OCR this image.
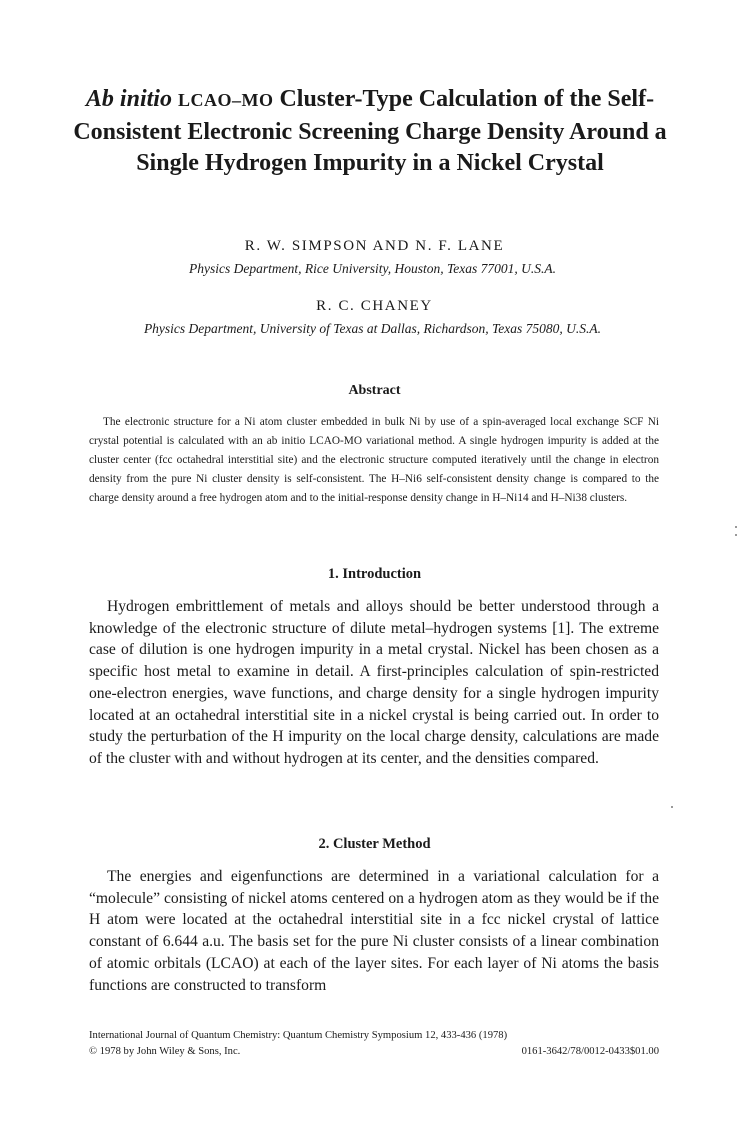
Ab initio LCAO–MO Cluster-Type Calculation of the Self-Consistent Electronic Screening Charge Density Around a Single Hydrogen Impurity in a Nickel Crystal
R. W. SIMPSON AND N. F. LANE
Physics Department, Rice University, Houston, Texas 77001, U.S.A.
R. C. CHANEY
Physics Department, University of Texas at Dallas, Richardson, Texas 75080, U.S.A.
Abstract

The electronic structure for a Ni atom cluster embedded in bulk Ni by use of a spin-averaged local exchange SCF Ni crystal potential is calculated with an ab initio LCAO-MO variational method. A single hydrogen impurity is added at the cluster center (fcc octahedral interstitial site) and the electronic structure computed iteratively until the change in electron density from the pure Ni cluster density is self-consistent. The H–Ni6 self-consistent density change is compared to the charge density around a free hydrogen atom and to the initial-response density change in H–Ni14 and H–Ni38 clusters.

1. Introduction

Hydrogen embrittlement of metals and alloys should be better understood through a knowledge of the electronic structure of dilute metal–hydrogen systems [1]. The extreme case of dilution is one hydrogen impurity in a metal crystal. Nickel has been chosen as a specific host metal to examine in detail. A first-principles calculation of spin-restricted one-electron energies, wave functions, and charge density for a single hydrogen impurity located at an octahedral interstitial site in a nickel crystal is being carried out. In order to study the perturbation of the H impurity on the local charge density, calculations are made of the cluster with and without hydrogen at its center, and the densities compared.

2. Cluster Method

The energies and eigenfunctions are determined in a variational calculation for a “molecule” consisting of nickel atoms centered on a hydrogen atom as they would be if the H atom were located at the octahedral interstitial site in a fcc nickel crystal of lattice constant of 6.644 a.u. The basis set for the pure Ni cluster consists of a linear combination of atomic orbitals (LCAO) at each of the layer sites. For each layer of Ni atoms the basis functions are constructed to transform

International Journal of Quantum Chemistry: Quantum Chemistry Symposium 12, 433-436 (1978)
© 1978 by John Wiley & Sons, Inc.	0161-3642/78/0012-0433$01.00
